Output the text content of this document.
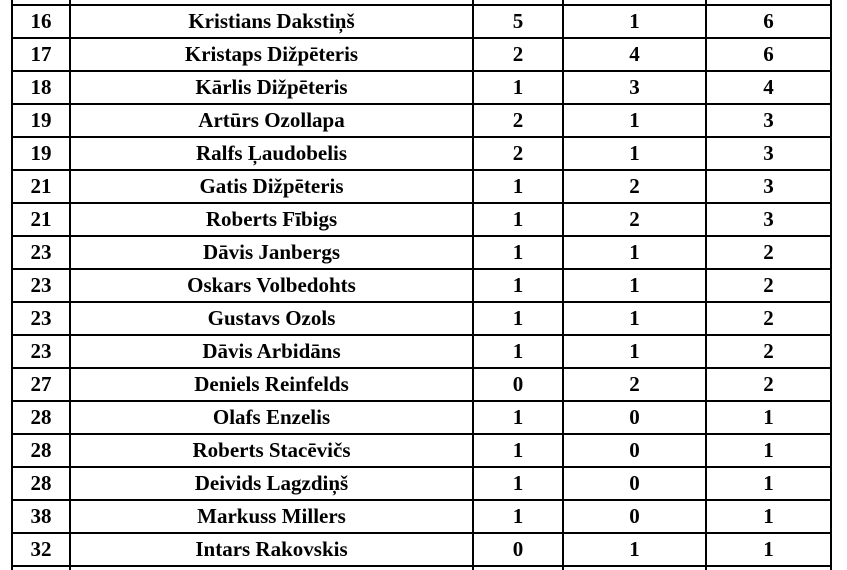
16	Kristians Dakstiņš	5	1	6
17	Kristaps Dižpēteris	2	4	6
18	Kārlis Dižpēteris	1	3	4
19	Artūrs Ozollapa	2	1	3
19	Ralfs Ļaudobelis	2	1	3
21	Gatis Dižpēteris	1	2	3
21	Roberts Fībigs	1	2	3
23	Dāvis Janbergs	1	1	2
23	Oskars Volbedohts	1	1	2
23	Gustavs Ozols	1	1	2
23	Dāvis Arbidāns	1	1	2
27	Deniels Reinfelds	0	2	2
28	Olafs Enzelis	1	0	1
28	Roberts Stacēvičs	1	0	1
28	Deivids Lagzdiņš	1	0	1
38	Markuss Millers	1	0	1
32	Intars Rakovskis	0	1	1
